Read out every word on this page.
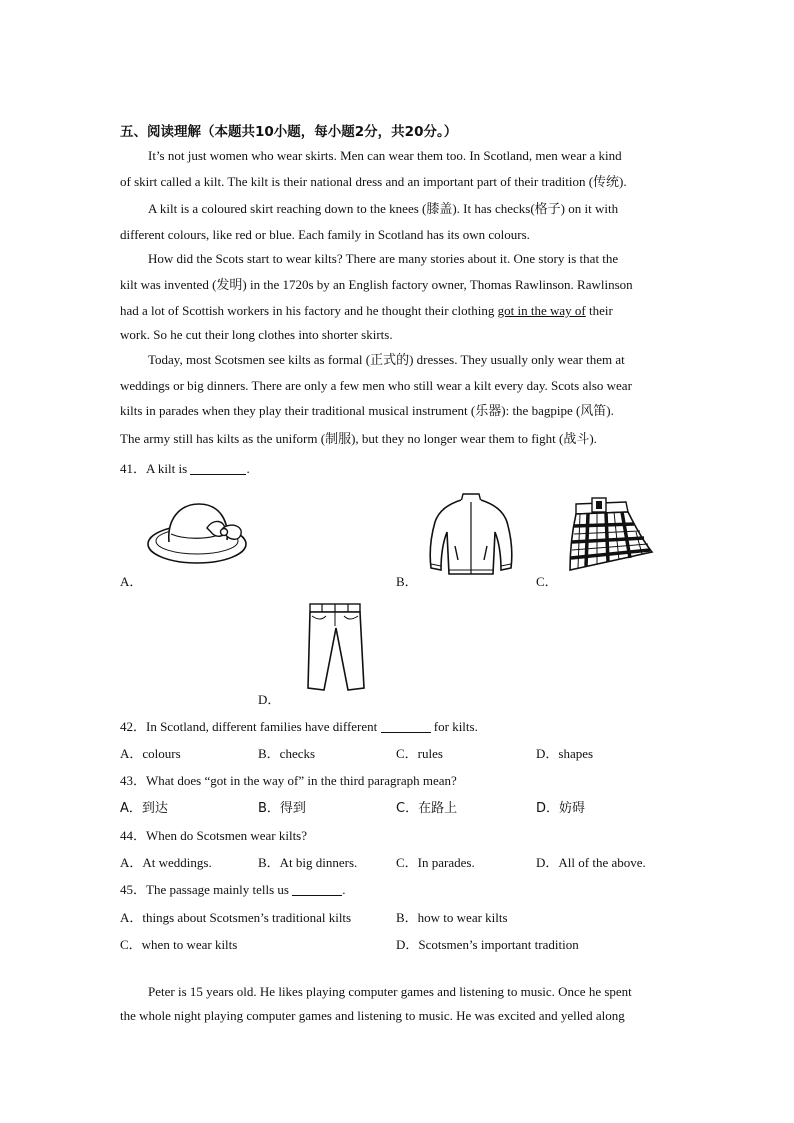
五、阅读理解（本题共10小题，每小题2分，共20分。）
It’s not just women who wear skirts. Men can wear them too. In Scotland, men wear a kind
of skirt called a kilt. The kilt is their national dress and an important part of their tradition (传统).
A kilt is a coloured skirt reaching down to the knees (膝盖). It has checks(格子) on it with
different colours, like red or blue. Each family in Scotland has its own colours.
How did the Scots start to wear kilts? There are many stories about it. One story is that the
kilt was invented (发明) in the 1720s by an English factory owner, Thomas Rawlinson. Rawlinson
had a lot of Scottish workers in his factory and he thought their clothing got in the way of their
work. So he cut their long clothes into shorter skirts.
Today, most Scotsmen see kilts as formal (正式的) dresses. They usually only wear them at
weddings or big dinners. There are only a few men who still wear a kilt every day. Scots also wear
kilts in parades when they play their traditional musical instrument (乐器): the bagpipe (风笛).
The army still has kilts as the uniform (制服), but they no longer wear them to fight (战斗).
41．A kilt is	.
A．	B．	C．
D．
42．In Scotland, different families have different	for kilts.
A．colours	B．checks	C．rules	D．shapes
43．What does “got in the way of” in the third paragraph mean?
A．到达	B．得到	C．在路上	D．妨碍
44．When do Scotsmen wear kilts?
A．At weddings.	B．At big dinners.	C．In parades.	D．All of the above.
45．The passage mainly tells us	.
A．things about Scotsmen’s traditional kilts	B．how to wear kilts
C．when to wear kilts	D．Scotsmen’s important tradition
Peter is 15 years old. He likes playing computer games and listening to music. Once he spent
the whole night playing computer games and listening to music. He was excited and yelled along
